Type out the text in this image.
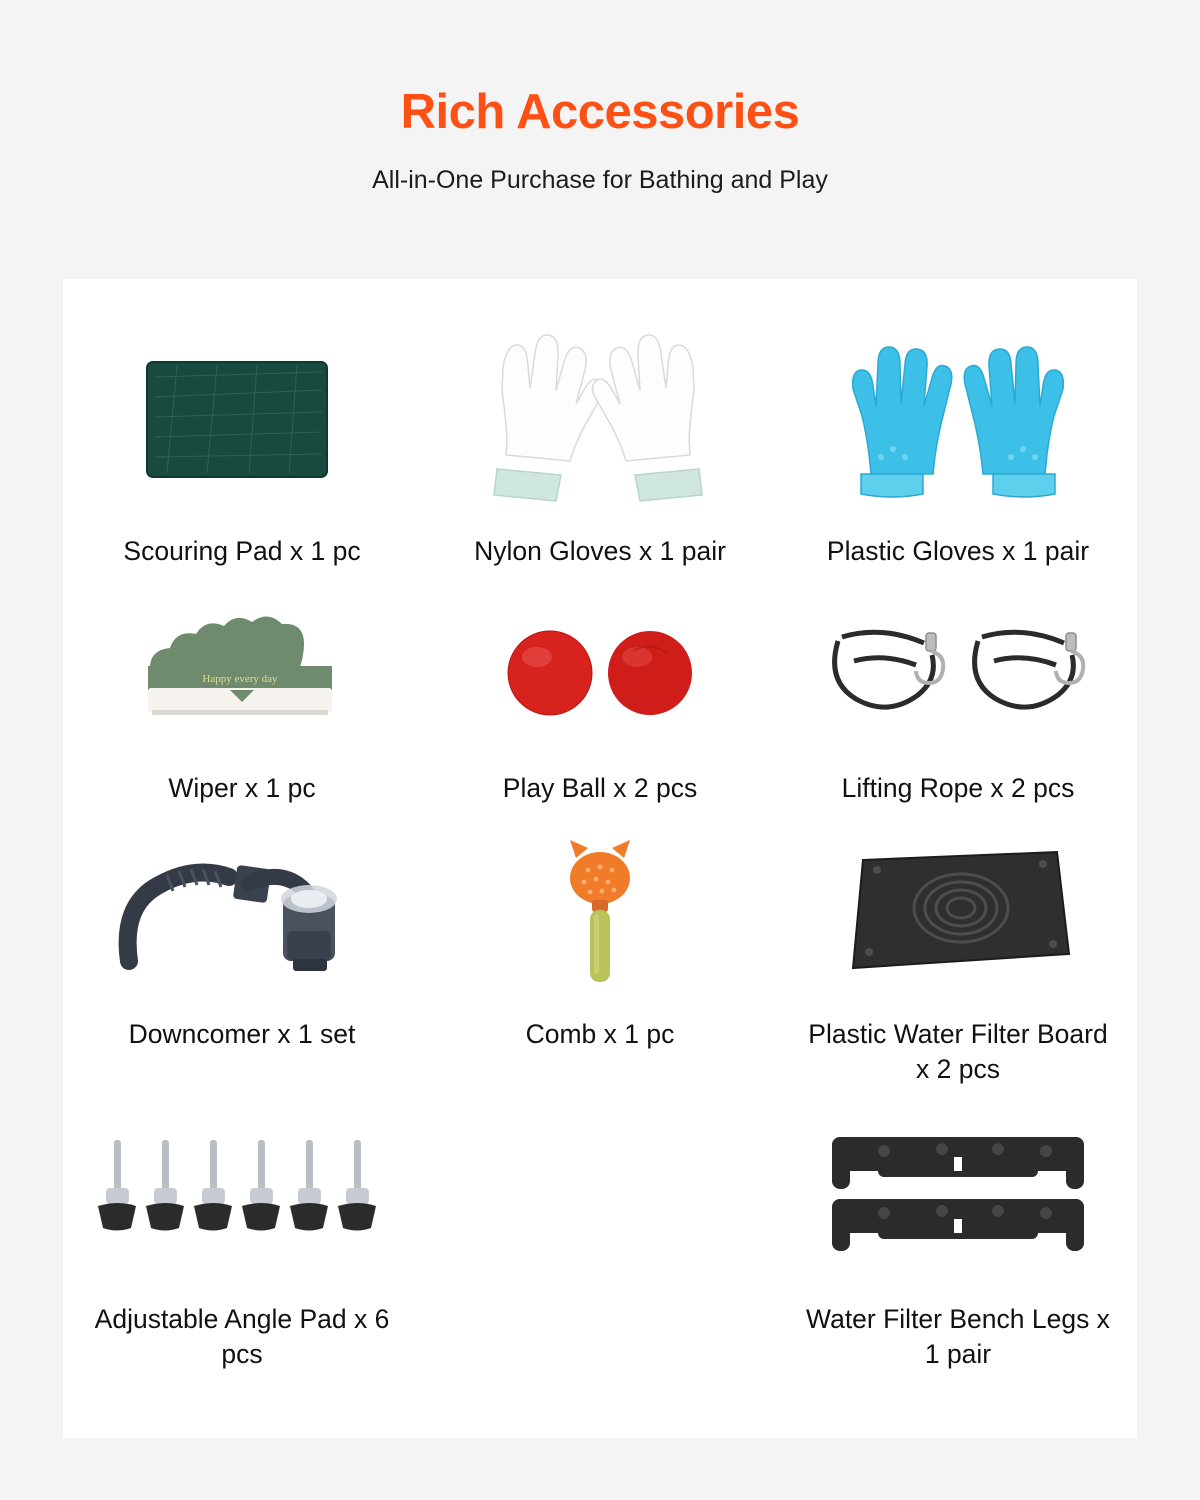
Rich Accessories

All-in-One Purchase for Bathing and Play

Scouring Pad x 1 pc	Nylon Gloves x 1 pair	Plastic Gloves x 1 pair
Happy every day
Wiper x 1 pc	Play Ball x 2 pcs	Lifting Rope x 2 pcs
Downcomer x 1 set	Comb x 1 pc	Plastic Water Filter Board x 2 pcs
Adjustable Angle Pad x 6 pcs
Water Filter Bench Legs x 1 pair
